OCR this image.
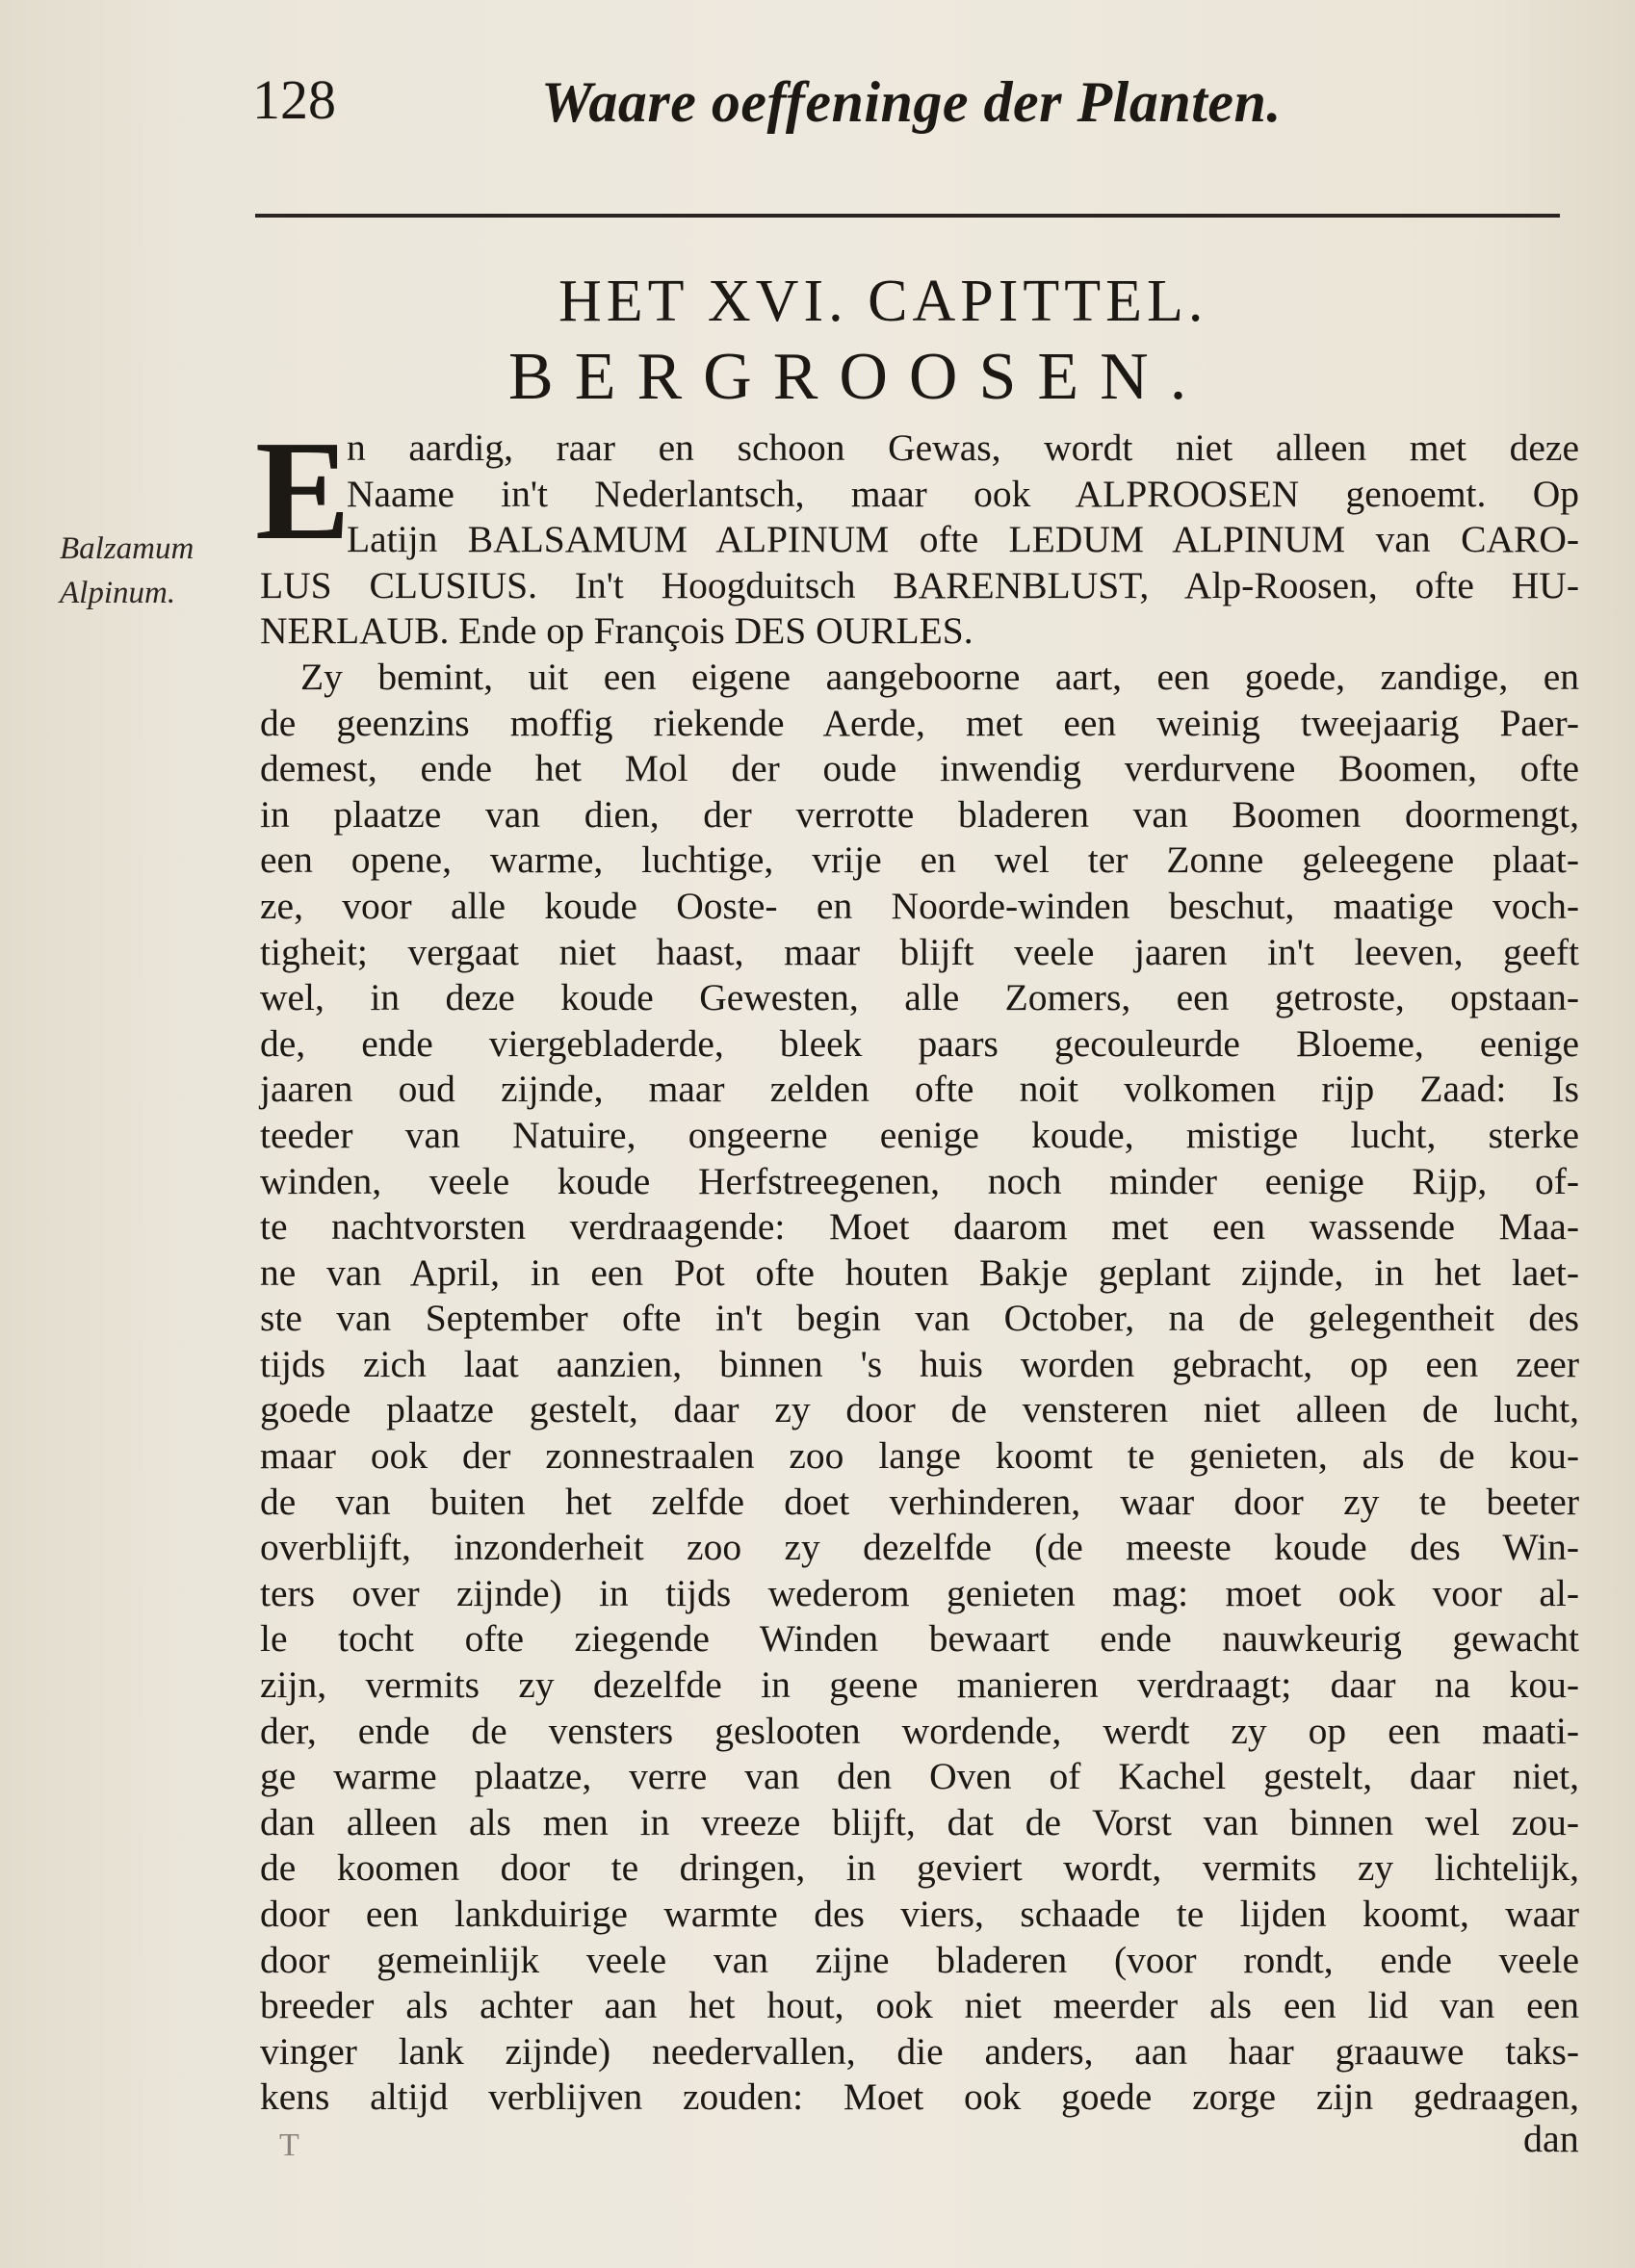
128	Waare oeffeninge der Planten.
HET XVI. CAPITTEL.
BERGROOSEN.
E
Balzamum
Alpinum.
n aardig, raar en schoon Gewas, wordt niet alleen met deze
Naame in't Nederlantsch, maar ook ALPROOSEN genoemt. Op
Latijn BALSAMUM ALPINUM ofte LEDUM ALPINUM van CARO-
LUS CLUSIUS. In't Hoogduitsch BARENBLUST, Alp-Roosen, ofte HU-
NERLAUB. Ende op François DES OURLES.
Zy bemint, uit een eigene aangeboorne aart, een goede, zandige, en
de geenzins moffig riekende Aerde, met een weinig tweejaarig Paer-
demest, ende het Mol der oude inwendig verdurvene Boomen, ofte
in plaatze van dien, der verrotte bladeren van Boomen doormengt,
een opene, warme, luchtige, vrije en wel ter Zonne geleegene plaat-
ze, voor alle koude Ooste- en Noorde-winden beschut, maatige voch-
tigheit; vergaat niet haast, maar blijft veele jaaren in't leeven, geeft
wel, in deze koude Gewesten, alle Zomers, een getroste, opstaan-
de, ende viergebladerde, bleek paars gecouleurde Bloeme, eenige
jaaren oud zijnde, maar zelden ofte noit volkomen rijp Zaad: Is
teeder van Natuire, ongeerne eenige koude, mistige lucht, sterke
winden, veele koude Herfstreegenen, noch minder eenige Rijp, of-
te nachtvorsten verdraagende: Moet daarom met een wassende Maa-
ne van April, in een Pot ofte houten Bakje geplant zijnde, in het laet-
ste van September ofte in't begin van October, na de gelegentheit des
tijds zich laat aanzien, binnen 's huis worden gebracht, op een zeer
goede plaatze gestelt, daar zy door de vensteren niet alleen de lucht,
maar ook der zonnestraalen zoo lange koomt te genieten, als de kou-
de van buiten het zelfde doet verhinderen, waar door zy te beeter
overblijft, inzonderheit zoo zy dezelfde (de meeste koude des Win-
ters over zijnde) in tijds wederom genieten mag: moet ook voor al-
le tocht ofte ziegende Winden bewaart ende nauwkeurig gewacht
zijn, vermits zy dezelfde in geene manieren verdraagt; daar na kou-
der, ende de vensters geslooten wordende, werdt zy op een maati-
ge warme plaatze, verre van den Oven of Kachel gestelt, daar niet,
dan alleen als men in vreeze blijft, dat de Vorst van binnen wel zou-
de koomen door te dringen, in geviert wordt, vermits zy lichtelijk,
door een lankduirige warmte des viers, schaade te lijden koomt, waar
door gemeinlijk veele van zijne bladeren (voor rondt, ende veele
breeder als achter aan het hout, ook niet meerder als een lid van een
vinger lank zijnde) needervallen, die anders, aan haar graauwe taks-
kens altijd verblijven zouden: Moet ook goede zorge zijn gedraagen,
T	dan
